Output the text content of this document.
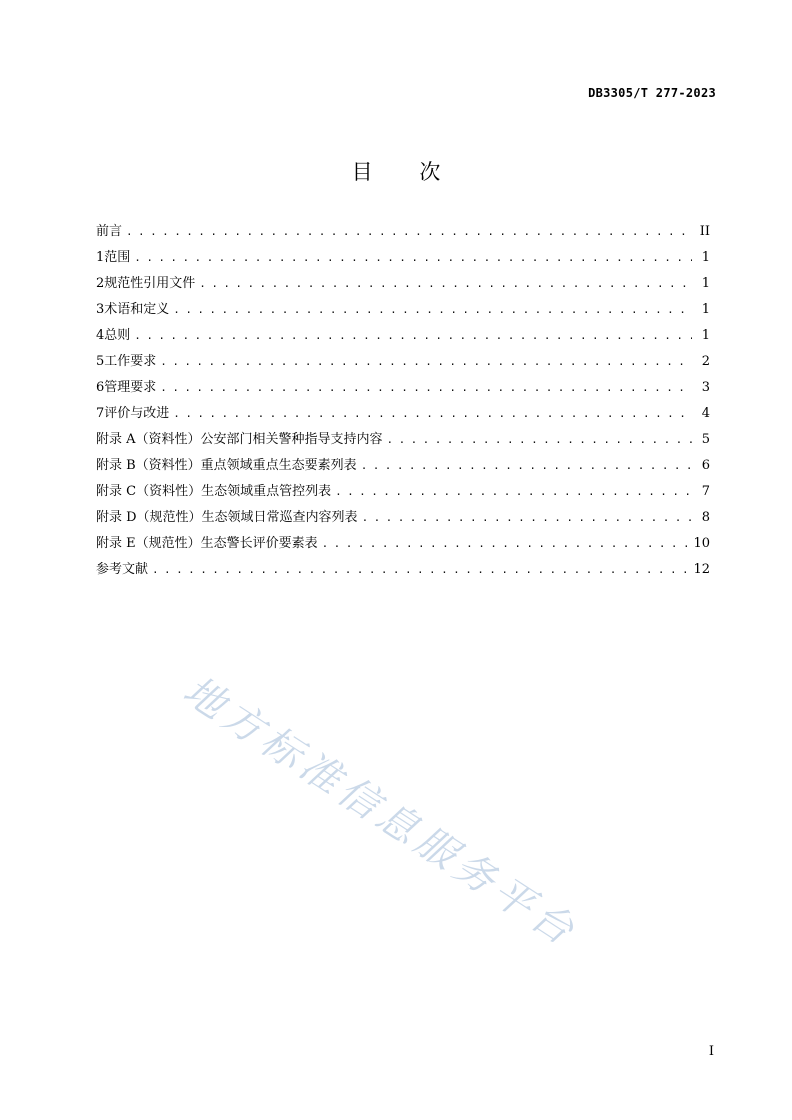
DB3305/T 277-2023
目 次
前言 . . .	II
1 范围 . . .	1
2 规范性引用文件 . . .	1
3 术语和定义 . . .	1
4 总则 . . .	1
5 工作要求 . . .	2
6 管理要求 . . .	3
7 评价与改进 . . .	4
附录 A（资料性）公安部门相关警种指导支持内容 . . .	5
附录 B（资料性）重点领域重点生态要素列表 . . .	6
附录 C（资料性）生态领域重点管控列表 . . .	7
附录 D（规范性）生态领域日常巡查内容列表 . . .	8
附录 E（规范性）生态警长评价要素表 . . .	10
参考文献 . . .	12
地方标准信息服务平台
I
